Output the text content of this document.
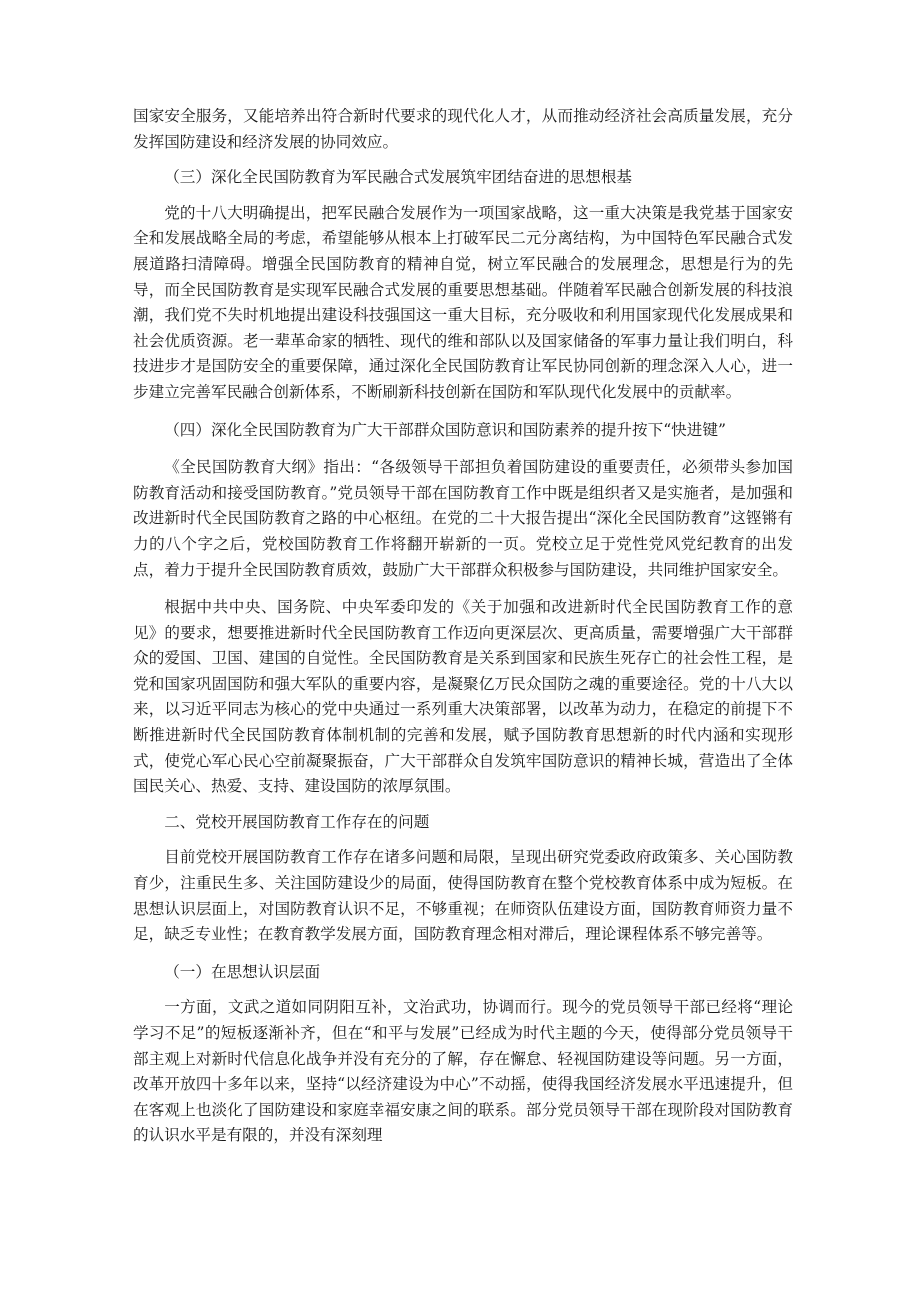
国家安全服务，又能培养出符合新时代要求的现代化人才，从而推动经济社会高质量发展，充分发挥国防建设和经济发展的协同效应。

（三）深化全民国防教育为军民融合式发展筑牢团结奋进的思想根基

党的十八大明确提出，把军民融合发展作为一项国家战略，这一重大决策是我党基于国家安全和发展战略全局的考虑，希望能够从根本上打破军民二元分离结构，为中国特色军民融合式发展道路扫清障碍。增强全民国防教育的精神自觉，树立军民融合的发展理念，思想是行为的先导，而全民国防教育是实现军民融合式发展的重要思想基础。伴随着军民融合创新发展的科技浪潮，我们党不失时机地提出建设科技强国这一重大目标，充分吸收和利用国家现代化发展成果和社会优质资源。老一辈革命家的牺牲、现代的维和部队以及国家储备的军事力量让我们明白，科技进步才是国防安全的重要保障，通过深化全民国防教育让军民协同创新的理念深入人心，进一步建立完善军民融合创新体系，不断刷新科技创新在国防和军队现代化发展中的贡献率。

（四）深化全民国防教育为广大干部群众国防意识和国防素养的提升按下“快进键”

《全民国防教育大纲》指出：“各级领导干部担负着国防建设的重要责任，必须带头参加国防教育活动和接受国防教育。”党员领导干部在国防教育工作中既是组织者又是实施者，是加强和改进新时代全民国防教育之路的中心枢纽。在党的二十大报告提出“深化全民国防教育”这铿锵有力的八个字之后，党校国防教育工作将翻开崭新的一页。党校立足于党性党风党纪教育的出发点，着力于提升全民国防教育质效，鼓励广大干部群众积极参与国防建设，共同维护国家安全。

根据中共中央、国务院、中央军委印发的《关于加强和改进新时代全民国防教育工作的意见》的要求，想要推进新时代全民国防教育工作迈向更深层次、更高质量，需要增强广大干部群众的爱国、卫国、建国的自觉性。全民国防教育是关系到国家和民族生死存亡的社会性工程，是党和国家巩固国防和强大军队的重要内容，是凝聚亿万民众国防之魂的重要途径。党的十八大以来，以习近平同志为核心的党中央通过一系列重大决策部署，以改革为动力，在稳定的前提下不断推进新时代全民国防教育体制机制的完善和发展，赋予国防教育思想新的时代内涵和实现形式，使党心军心民心空前凝聚振奋，广大干部群众自发筑牢国防意识的精神长城，营造出了全体国民关心、热爱、支持、建设国防的浓厚氛围。

二、党校开展国防教育工作存在的问题

目前党校开展国防教育工作存在诸多问题和局限，呈现出研究党委政府政策多、关心国防教育少，注重民生多、关注国防建设少的局面，使得国防教育在整个党校教育体系中成为短板。在思想认识层面上，对国防教育认识不足，不够重视；在师资队伍建设方面，国防教育师资力量不足，缺乏专业性；在教育教学发展方面，国防教育理念相对滞后，理论课程体系不够完善等。

（一）在思想认识层面

一方面，文武之道如同阴阳互补，文治武功，协调而行。现今的党员领导干部已经将“理论学习不足”的短板逐渐补齐，但在“和平与发展”已经成为时代主题的今天，使得部分党员领导干部主观上对新时代信息化战争并没有充分的了解，存在懈怠、轻视国防建设等问题。另一方面，改革开放四十多年以来，坚持“以经济建设为中心”不动摇，使得我国经济发展水平迅速提升，但在客观上也淡化了国防建设和家庭幸福安康之间的联系。部分党员领导干部在现阶段对国防教育的认识水平是有限的，并没有深刻理
